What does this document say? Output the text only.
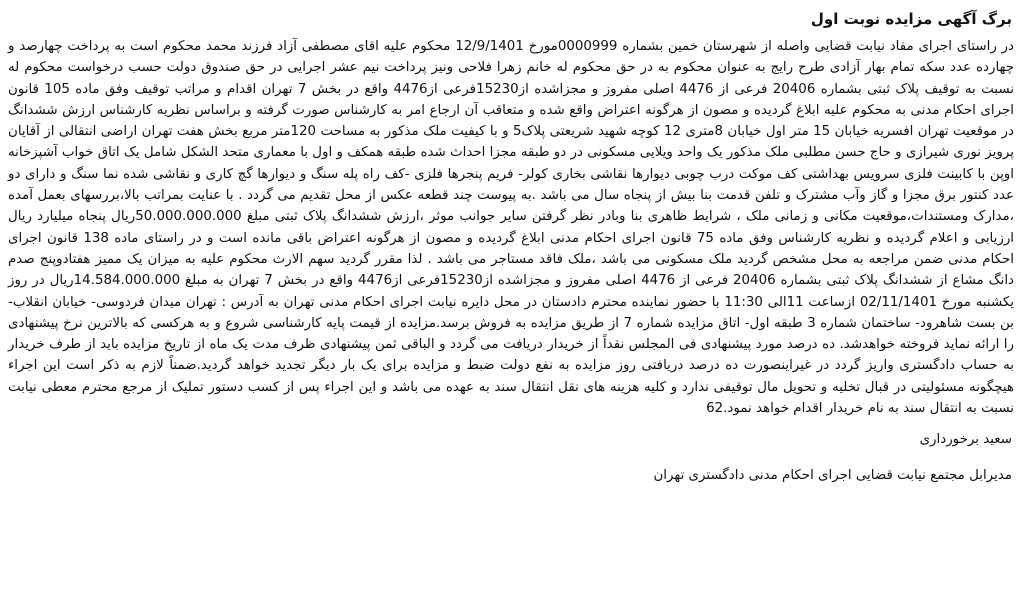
برگ آگهی مزایده نوبت اول

در راستای اجرای مفاد نیابت قضایی واصله از شهرستان خمین بشماره 0000999مورخ 12/9/1401 محکوم علیه اقای مصطفی آزاد فرزند محمد محکوم است به پرداخت چهارصد و چهارده عدد سکه تمام بهار آزادی طرح رایج به عنوان محکوم به در حق محکوم له خانم زهرا فلاحی ونیز پرداخت نیم عشر اجرایی در حق صندوق دولت حسب درخواست محکوم له نسبت به توقیف پلاک ثبتی بشماره 20406 فرعی از 4476 اصلی مفروز و مجزاشده از15230فرعی از4476 واقع در بخش 7 تهران اقدام و مراتب توقیف وفق ماده 105 قانون اجرای احکام مدنی به محکوم علیه ابلاغ گردیده و مصون از هرگونه اعتراض واقع شده و متعاقب آن ارجاع امر به کارشناس صورت گرفته و براساس نظریه کارشناس ارزش ششدانگ در موقعیت تهران افسریه خیابان 15 متر اول خیابان 8متری 12 کوچه شهید شریعتی پلاک5 و با کیفیت ملک مذکور به مساحت 120متر مربع بخش هفت تهران اراضی انتقالی از آقایان پرویز نوری شیرازی و حاج حسن مطلبی ملک مذکور یک واحد ویلایی مسکونی در دو طبقه مجزا احداث شده طبقه همکف و اول با معماری متحد الشکل شامل یک اتاق خواب آشپزخانه اوپن با کابینت فلزی سرویس بهداشتی کف موکت درب چوبی دیوارها نقاشی بخاری کولر- فریم پنجرها فلزی -کف راه پله سنگ و دیوارها گچ کاری و نقاشی شده نما سنگ و دارای دو عدد کنتور برق مجزا و گاز وآب مشترک و تلفن قدمت بنا بیش از پنجاه سال می باشد .به پیوست چند قطعه عکس از محل تقدیم می گردد . با عنایت بمراتب بالا،بررسهای بعمل آمده ،مدارک ومستندات،موقعیت مکانی و زمانی ملک ، شرایط ظاهری بنا وبادر نظر گرفتن سایر جوانب موثر ،ارزش ششدانگ پلاک ثبتی مبلغ 50.000.000.000ریال پنجاه میلیارد ریال ارزیابی و اعلام گردیده و نظریه کارشناس وفق ماده 75 قانون اجرای احکام مدنی ابلاغ گردیده و مصون از هرگونه اعتراض باقی مانده است و در راستای ماده 138 قانون اجرای احکام مدنی ضمن مراجعه به محل مشخص گردید ملک مسکونی می باشد ،ملک فاقد مستاجر می باشد . لذا مقرر گردید سهم الارث محکوم علیه به میزان یک ممیز هفتادوپنج صدم دانگ مشاع از ششدانگ پلاک ثبتی بشماره 20406 فرعی از 4476 اصلی مفروز و مجزاشده از15230فرعی از4476 واقع در بخش 7 تهران به مبلغ 14.584.000.000ریال در روز یکشنبه مورخ 02/11/1401 ازساعت 11الی 11:30 با حضور نماینده محترم دادستان در محل دایره نیابت اجرای احکام مدنی تهران به آدرس : تهران میدان فردوسی- خیابان انقلاب- بن بست شاهرود- ساختمان شماره 3 طبقه اول- اتاق مزایده شماره 7 از طریق مزایده به فروش برسد.مزایده از قیمت پایه کارشناسی شروع و به هرکسی که بالاترین نرخ پیشنهادی را ارائه نماید فروخته خواهدشد. ده درصد مورد پیشنهادی فی المجلس نقداً از خریدار دریافت می گردد و الباقی ثمن پیشنهادی ظرف مدت یک ماه از تاریخ مزایده باید از طرف خریدار به حساب دادگستری واریز گردد در غیراینصورت ده درصد دریافتی روز مزایده به نفع دولت ضبط و مزایده برای یک بار دیگر تجدید خواهد گردید.ضمناً لازم به ذکر است این اجراء هیچگونه مسئولیتی در قبال تخلیه و تحویل مال توقیفی ندارد و کلیه هزینه های نقل انتقال سند به عهده می باشد و این اجراء پس از کسب دستور تملیک از مرجع محترم معطی نیابت نسبت به انتقال سند به نام خریدار اقدام خواهد نمود.62

سعید برخورداری
مدیرابل مجتمع نیابت قضایی اجرای احکام مدنی دادگستری تهران
